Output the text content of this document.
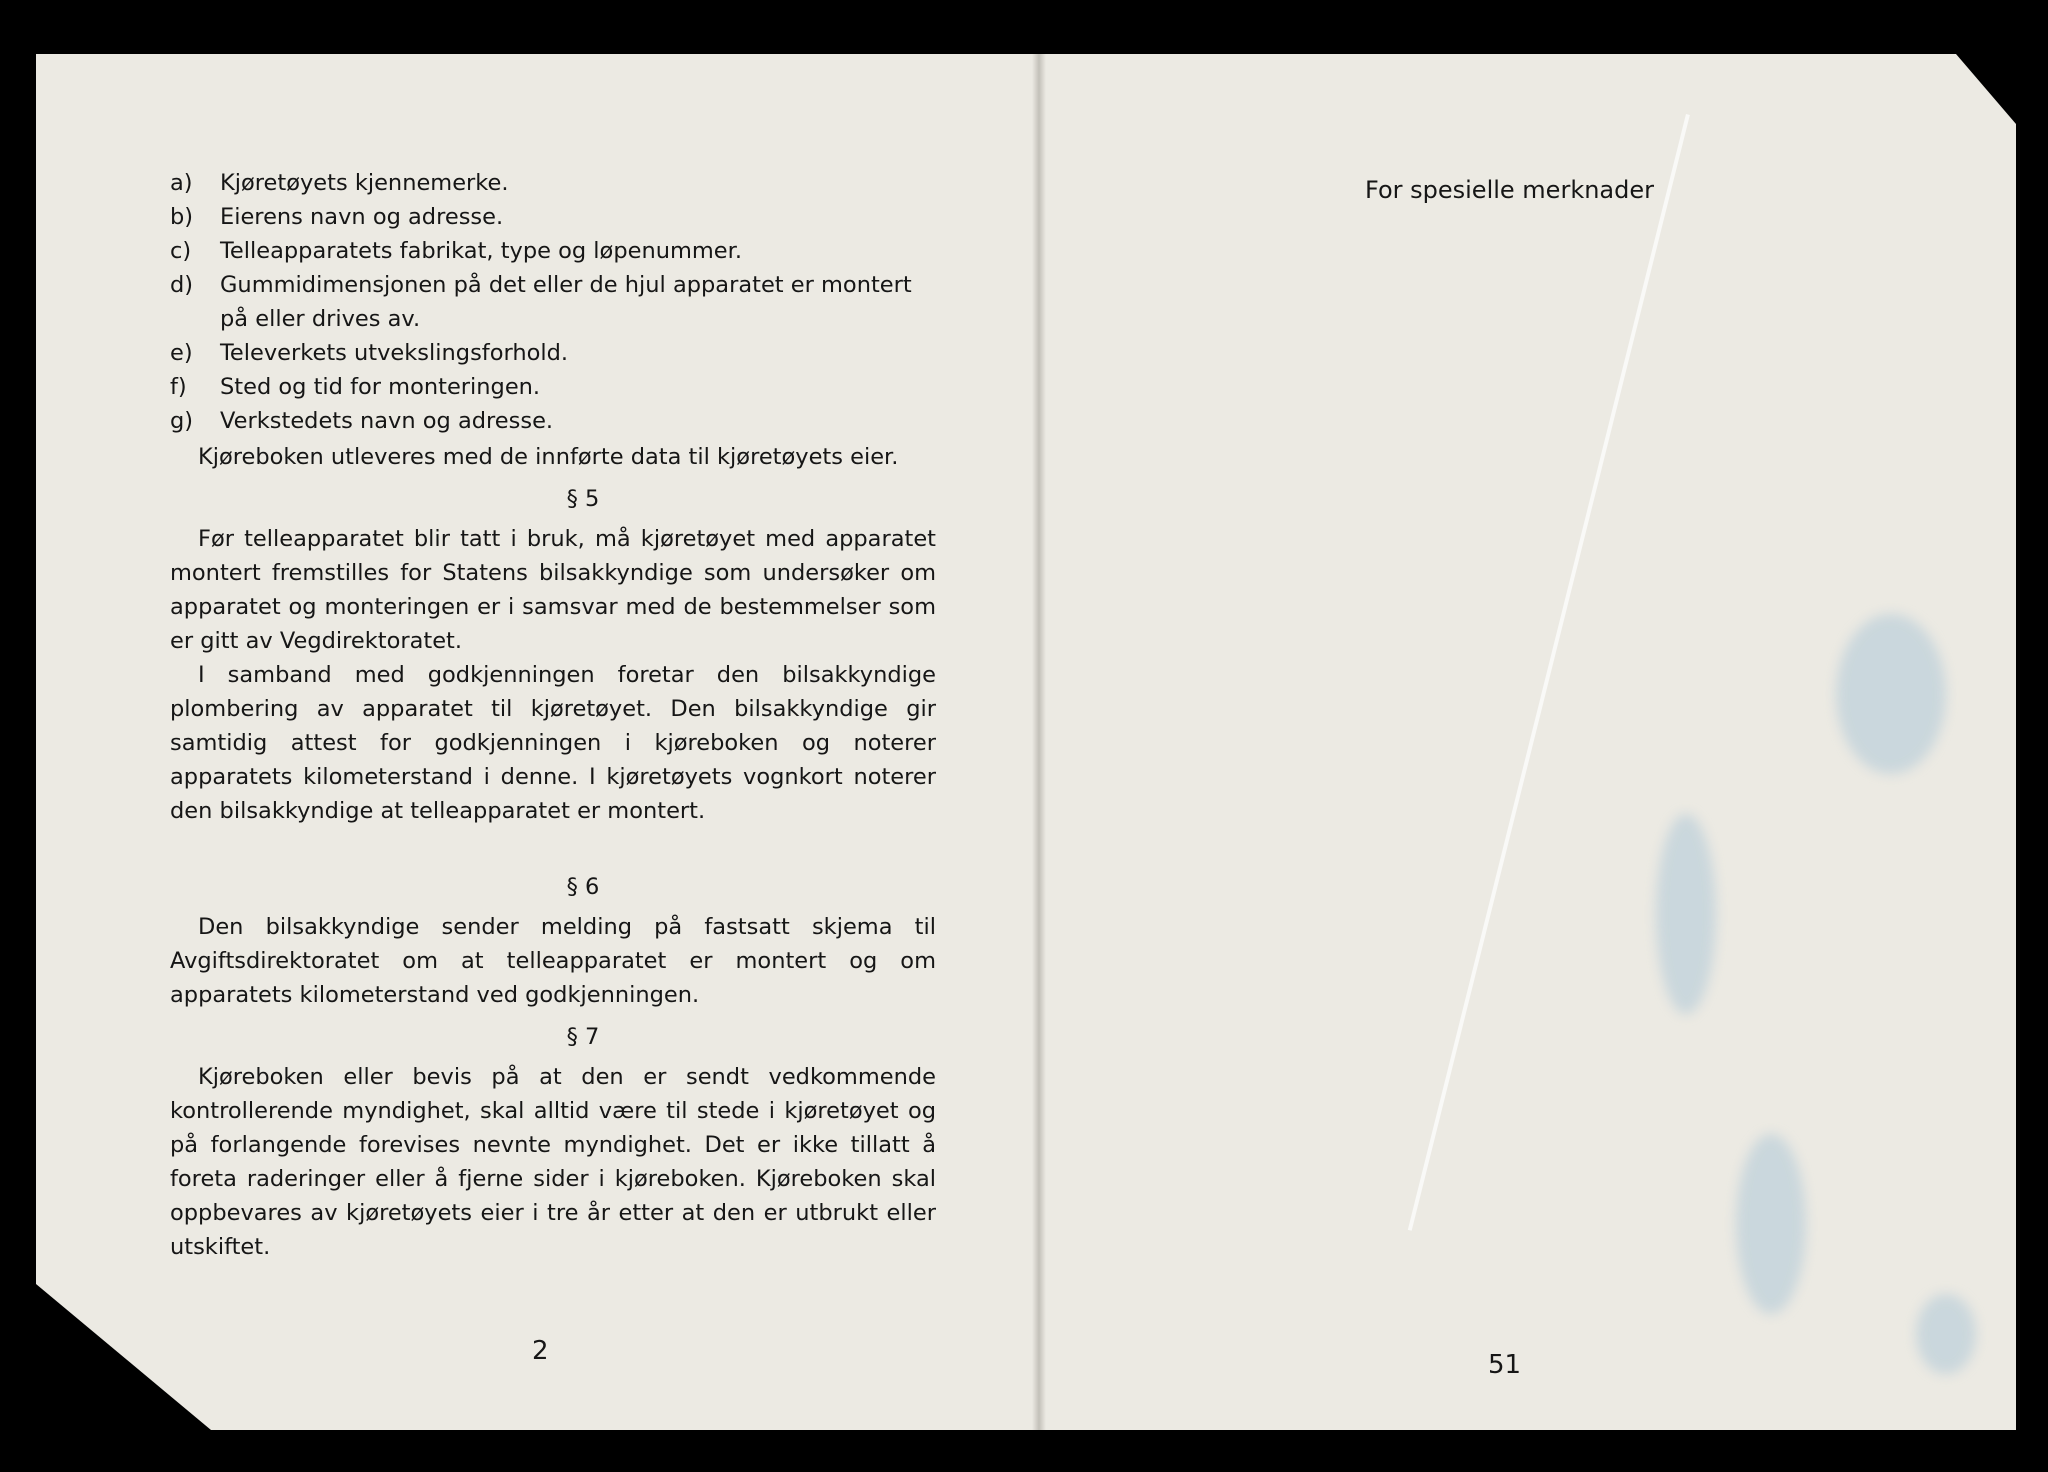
a)	Kjøretøyets kjennemerke.
b)	Eierens navn og adresse.
c)	Telleapparatets fabrikat, type og løpenummer.
d)	Gummidimensjonen på det eller de hjul apparatet er montert på eller drives av.
e)	Televerkets utvekslingsforhold.
f)	Sted og tid for monteringen.
g)	Verkstedets navn og adresse.

Kjøreboken utleveres med de innførte data til kjøretøyets eier.

§ 5

Før telleapparatet blir tatt i bruk, må kjøretøyet med apparatet montert fremstilles for Statens bilsakkyndige som undersøker om apparatet og monteringen er i samsvar med de bestemmelser som er gitt av Vegdirektoratet.

I samband med godkjenningen foretar den bilsakkyndige plombering av apparatet til kjøretøyet. Den bilsakkyndige gir samtidig attest for godkjenningen i kjøreboken og noterer apparatets kilometerstand i denne. I kjøretøyets vognkort noterer den bilsakkyndige at telleapparatet er montert.

§ 6

Den bilsakkyndige sender melding på fastsatt skjema til Avgiftsdirektoratet om at telleapparatet er montert og om apparatets kilometerstand ved godkjenningen.

§ 7

Kjøreboken eller bevis på at den er sendt vedkommende kontrollerende myndighet, skal alltid være til stede i kjøretøyet og på forlangende forevises nevnte myndighet. Det er ikke tillatt å foreta raderinger eller å fjerne sider i kjøreboken. Kjøreboken skal oppbevares av kjøretøyets eier i tre år etter at den er utbrukt eller utskiftet.

2
For spesielle merknader
51
